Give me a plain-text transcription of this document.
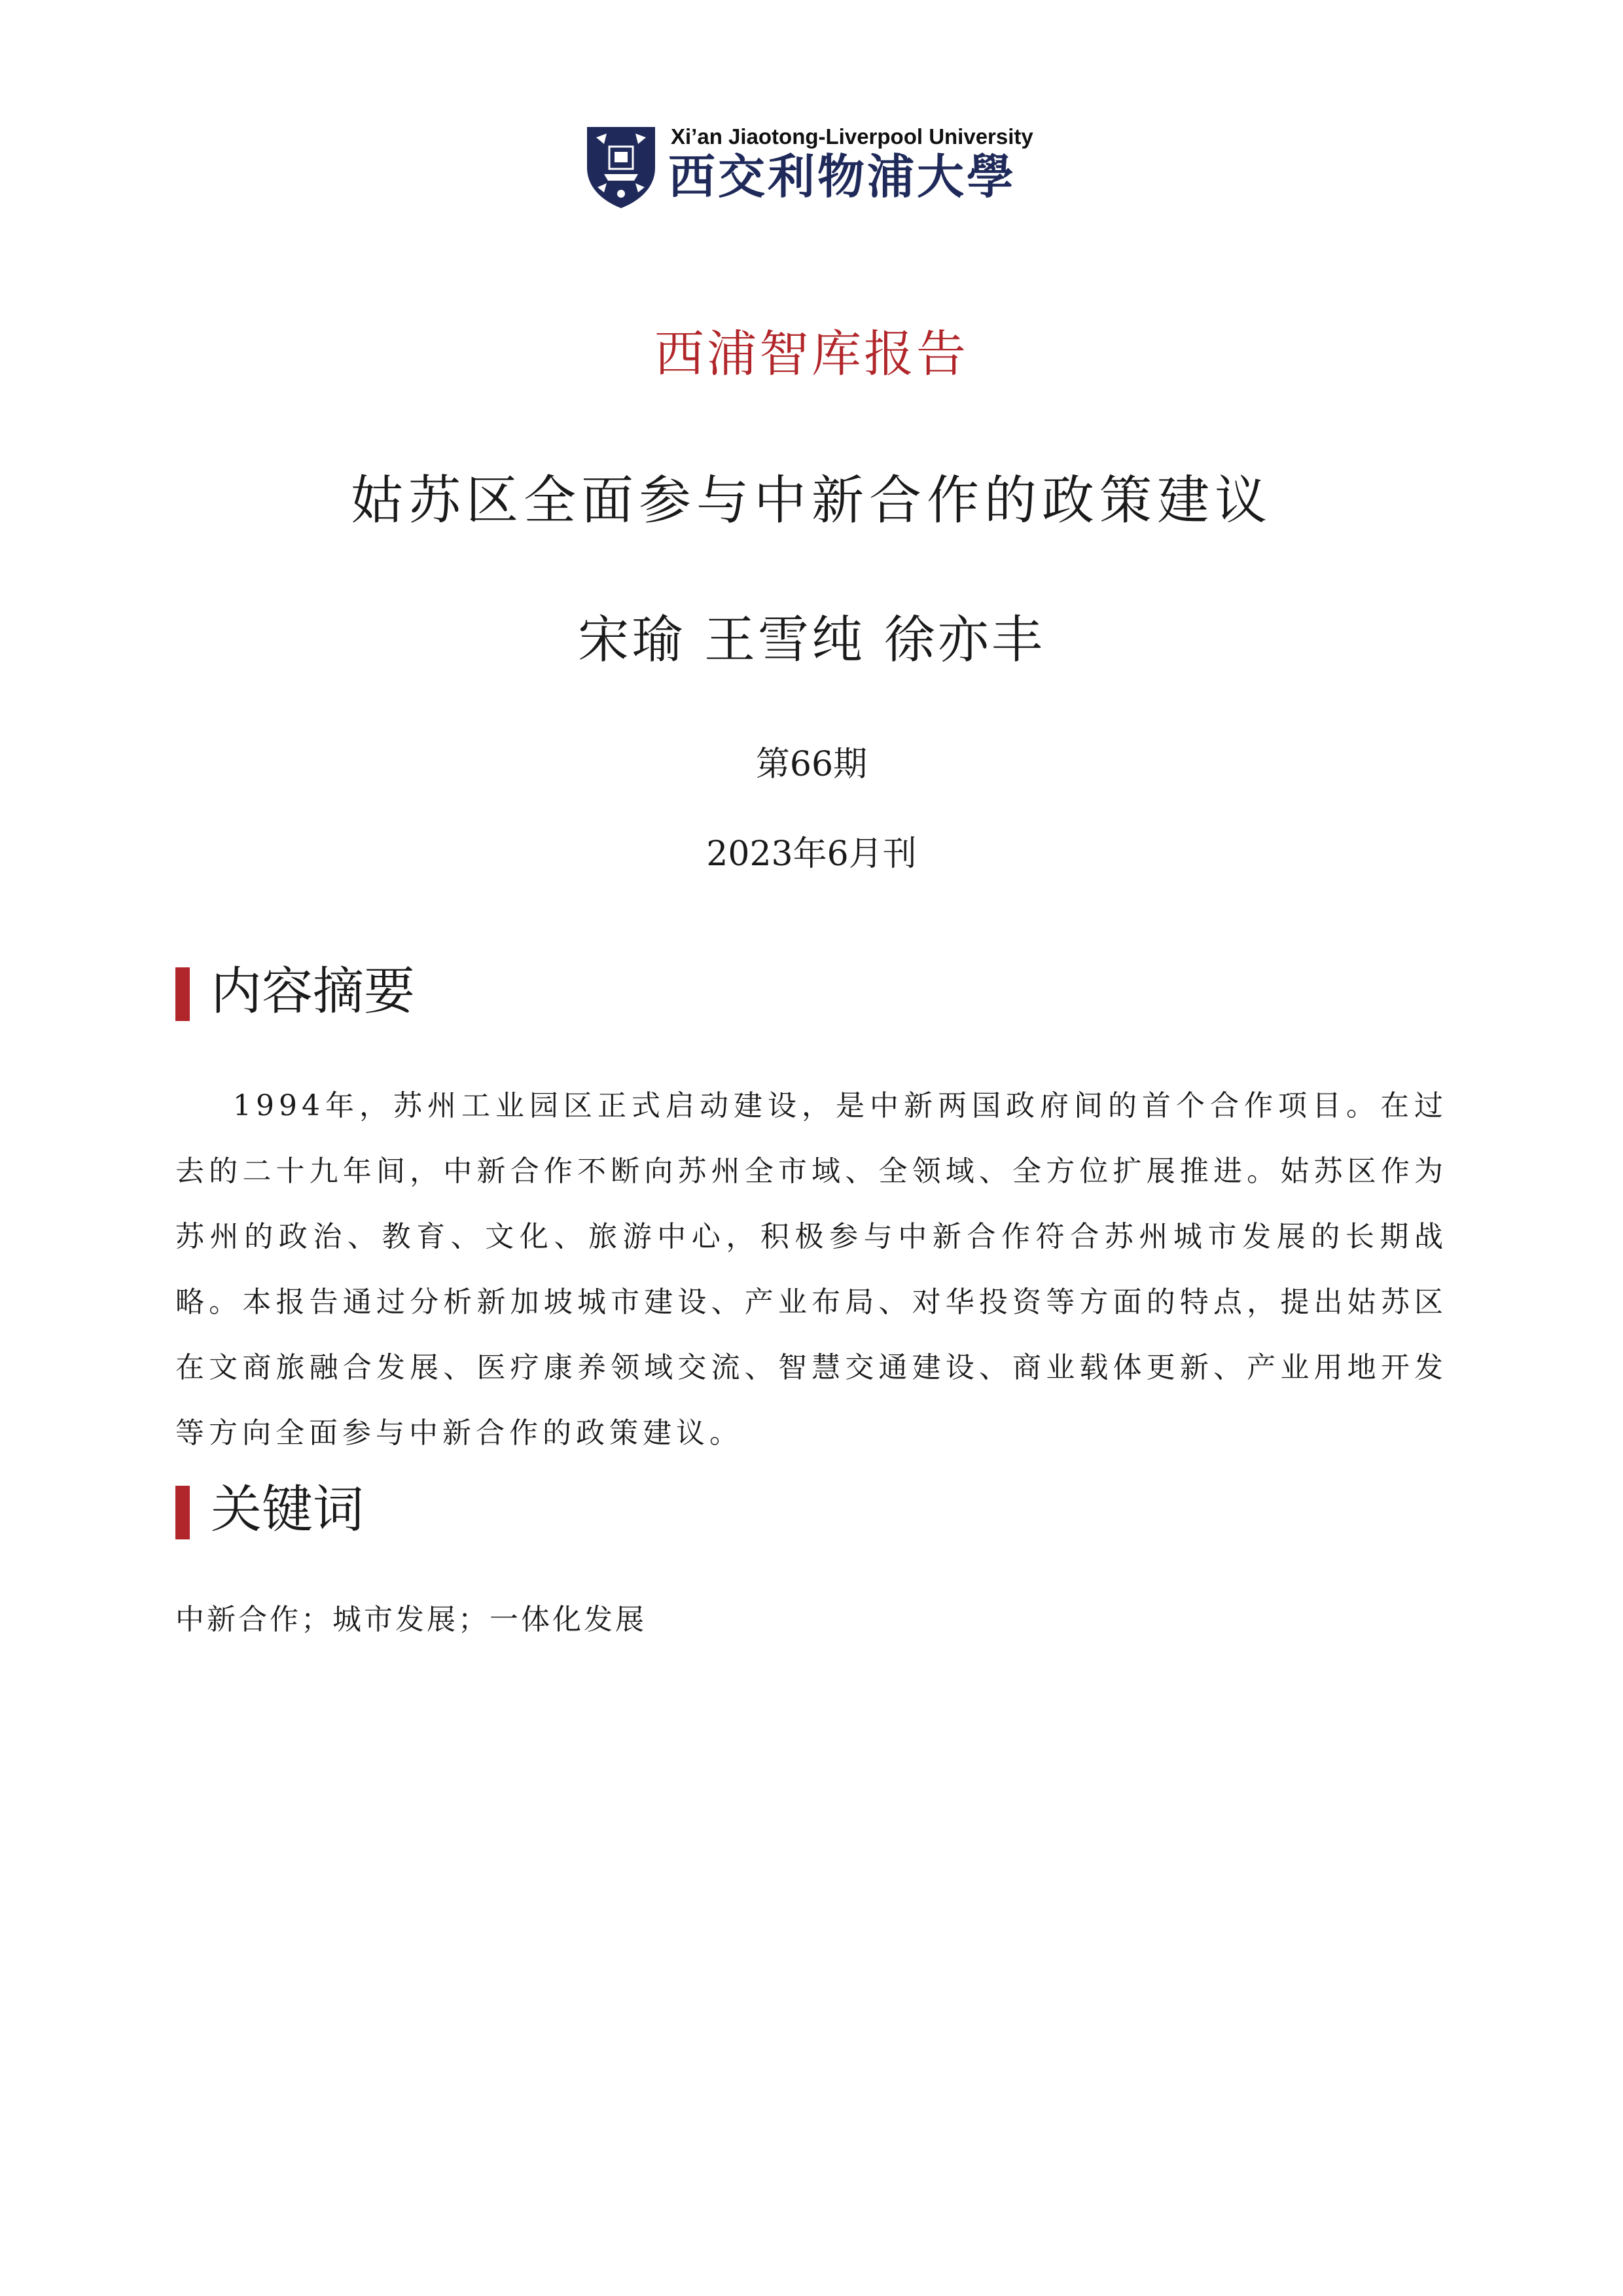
Xi’an Jiaotong-Liverpool University
西交利物浦大學
西浦智库报告
姑苏区全面参与中新合作的政策建议
宋瑜 王雪纯 徐亦丰
第66期
2023年6月刊
内容摘要
1994年，苏州工业园区正式启动建设，是中新两国政府间的首个合作项目。在过去的二十九年间，中新合作不断向苏州全市域、全领域、全方位扩展推进。姑苏区作为苏州的政治、教育、文化、旅游中心，积极参与中新合作符合苏州城市发展的长期战略。本报告通过分析新加坡城市建设、产业布局、对华投资等方面的特点，提出姑苏区在文商旅融合发展、医疗康养领域交流、智慧交通建设、商业载体更新、产业用地开发等方向全面参与中新合作的政策建议。
关键词
中新合作；城市发展；一体化发展
